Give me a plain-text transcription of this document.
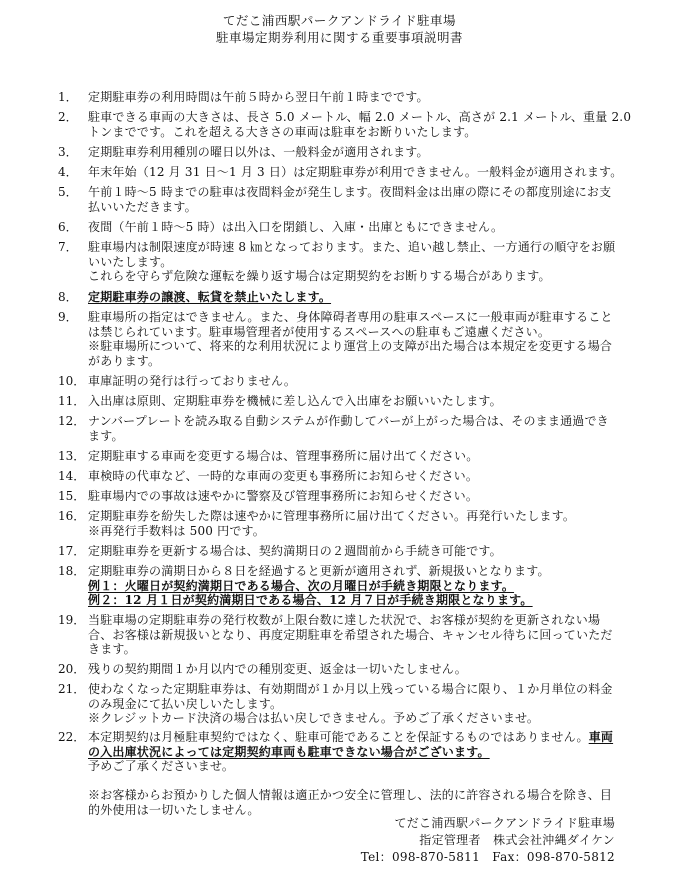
てだこ浦西駅パークアンドライド駐車場
駐車場定期券利用に関する重要事項説明書
1． 定期駐車券の利用時間は午前５時から翌日午前１時までです。
2． 駐車できる車両の大きさは、長さ 5.0 メートル、幅 2.0 メートル、高さが 2.1 メートル、重量 2.0
トンまでです。これを超える大きさの車両は駐車をお断りいたします。
3． 定期駐車券利用種別の曜日以外は、一般料金が適用されます。
4． 年末年始（12 月 31 日～1 月 3 日）は定期駐車券が利用できません。一般料金が適用されます。
5． 午前１時～5 時までの駐車は夜間料金が発生します。夜間料金は出庫の際にその都度別途にお支
払いいただきます。
6． 夜間（午前１時～5 時）は出入口を閉鎖し、入庫・出庫ともにできません。
7． 駐車場内は制限速度が時速 8 ㎞となっております。また、追い越し禁止、一方通行の順守をお願
いいたします。
これらを守らず危険な運転を繰り返す場合は定期契約をお断りする場合があります。
8． 定期駐車券の譲渡、転貸を禁止いたします。
9． 駐車場所の指定はできません。また、身体障碍者専用の駐車スペースに一般車両が駐車すること
は禁じられています。駐車場管理者が使用するスペースへの駐車もご遠慮ください。
※駐車場所について、将来的な利用状況により運営上の支障が出た場合は本規定を変更する場合
があります。
10． 車庫証明の発行は行っておりません。
11． 入出庫は原則、定期駐車券を機械に差し込んで入出庫をお願いいたします。
12． ナンバープレートを読み取る自動システムが作動してバーが上がった場合は、そのまま通過でき
ます。
13． 定期駐車する車両を変更する場合は、管理事務所に届け出てください。
14． 車検時の代車など、一時的な車両の変更も事務所にお知らせください。
15． 駐車場内での事故は速やかに警察及び管理事務所にお知らせください。
16． 定期駐車券を紛失した際は速やかに管理事務所に届け出てください。再発行いたします。
※再発行手数料は 500 円です。
17． 定期駐車券を更新する場合は、契約満期日の２週間前から手続き可能です。
18． 定期駐車券の満期日から８日を経過すると更新が適用されず、新規扱いとなります。
例１：火曜日が契約満期日である場合、次の月曜日が手続き期限となります。
例２：12 月１日が契約満期日である場合、12 月７日が手続き期限となります。
19． 当駐車場の定期駐車券の発行枚数が上限台数に達した状況で、お客様が契約を更新されない場
合、お客様は新規扱いとなり、再度定期駐車を希望された場合、キャンセル待ちに回っていただ
きます。
20． 残りの契約期間１か月以内での種別変更、返金は一切いたしません。
21． 使わなくなった定期駐車券は、有効期間が１か月以上残っている場合に限り、１か月単位の料金
のみ現金にて払い戻しいたします。
※クレジットカード決済の場合は払い戻しできません。予めご了承くださいませ。
22． 本定期契約は月極駐車契約ではなく、駐車可能であることを保証するものではありません。車両
の入出庫状況によっては定期契約車両も駐車できない場合がございます。
予めご了承くださいませ。

※お客様からお預かりした個人情報は適正かつ安全に管理し、法的に許容される場合を除き、目
的外使用は一切いたしません。
てだこ浦西駅パークアンドライド駐車場
指定管理者　株式会社沖縄ダイケン
Tel：098-870-5811　Fax：098-870-5812
